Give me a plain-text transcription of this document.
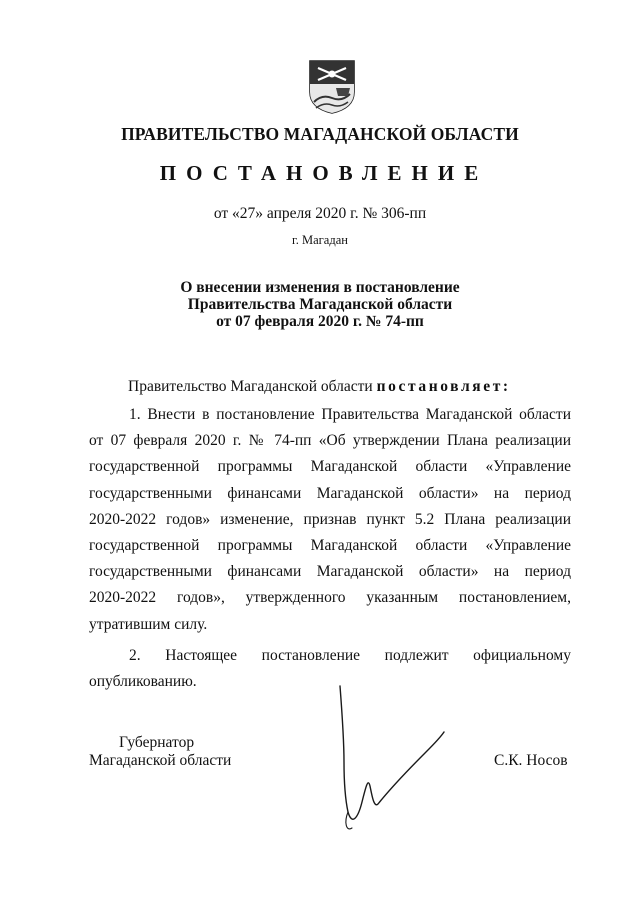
ПРАВИТЕЛЬСТВО МАГАДАНСКОЙ ОБЛАСТИ
ПОСТАНОВЛЕНИЕ
от «27» апреля 2020 г. № 306-пп
г. Магадан
О внесении изменения в постановление
Правительства Магаданской области
от 07 февраля 2020 г. № 74-пп
Правительство Магаданской области постановляет:
1. Внести в постановление Правительства Магаданской области
от 07 февраля 2020 г. № 74-пп «Об утверждении Плана реализации
государственной программы Магаданской области «Управление
государственными финансами Магаданской области» на период
2020-2022 годов» изменение, признав пункт 5.2 Плана реализации
государственной программы Магаданской области «Управление
государственными финансами Магаданской области» на период
2020-2022 годов», утвержденного указанным постановлением,
утратившим силу.
2. Настоящее постановление подлежит официальному
опубликованию.
Губернатор
Магаданской области	С.К. Носов
